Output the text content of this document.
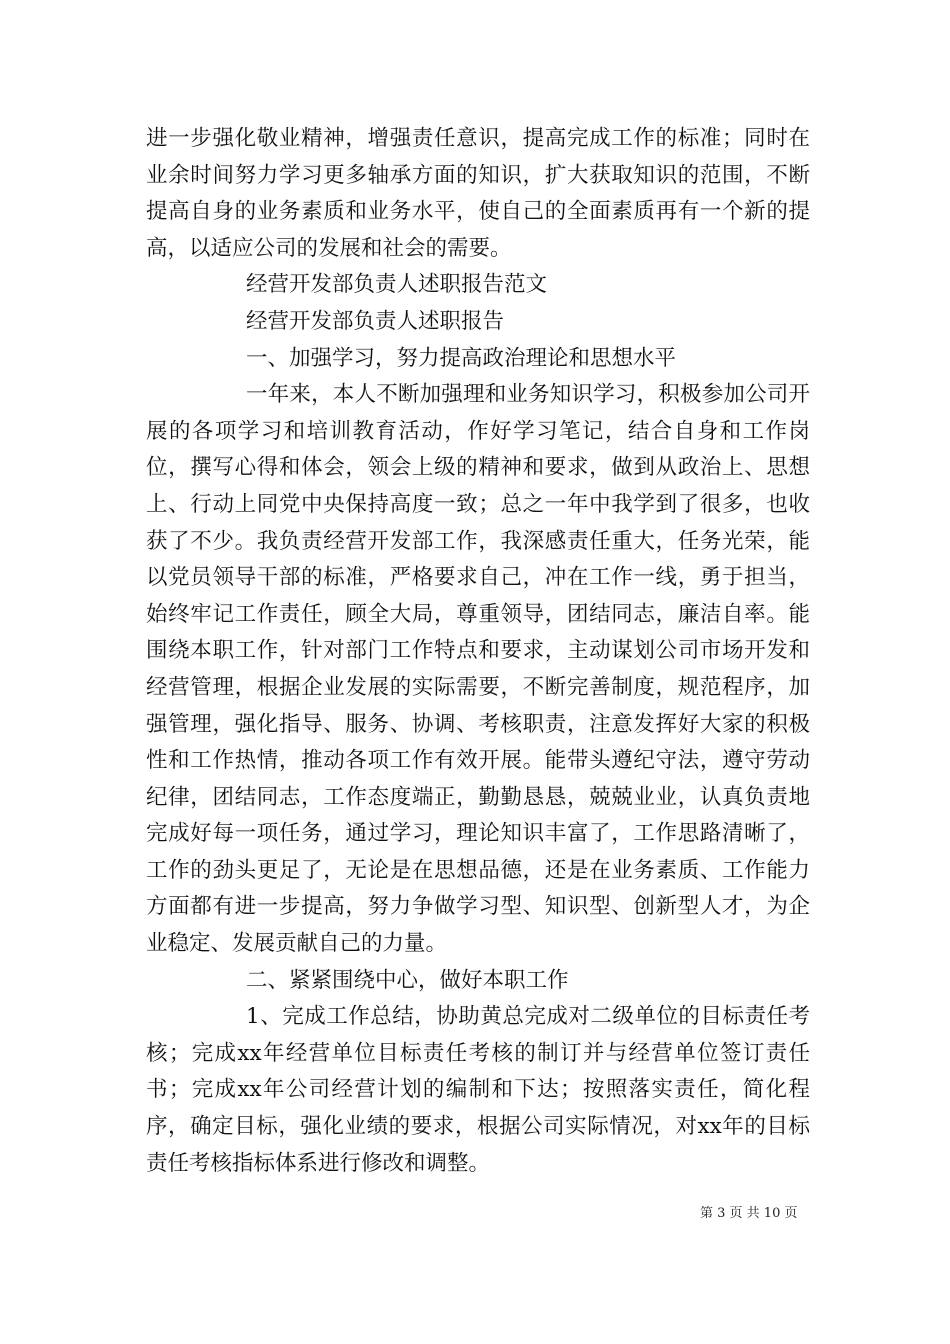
进一步强化敬业精神，增强责任意识，提高完成工作的标准；同时在业余时间努力学习更多轴承方面的知识，扩大获取知识的范围，不断提高自身的业务素质和业务水平，使自己的全面素质再有一个新的提高，以适应公司的发展和社会的需要。

经营开发部负责人述职报告范文

经营开发部负责人述职报告

一、加强学习，努力提高政治理论和思想水平

一年来，本人不断加强理和业务知识学习，积极参加公司开展的各项学习和培训教育活动，作好学习笔记，结合自身和工作岗位，撰写心得和体会，领会上级的精神和要求，做到从政治上、思想上、行动上同党中央保持高度一致；总之一年中我学到了很多，也收获了不少。我负责经营开发部工作，我深感责任重大，任务光荣，能以党员领导干部的标准，严格要求自己，冲在工作一线，勇于担当，始终牢记工作责任，顾全大局，尊重领导，团结同志，廉洁自率。能围绕本职工作，针对部门工作特点和要求，主动谋划公司市场开发和经营管理，根据企业发展的实际需要，不断完善制度，规范程序，加强管理，强化指导、服务、协调、考核职责，注意发挥好大家的积极性和工作热情，推动各项工作有效开展。能带头遵纪守法，遵守劳动纪律，团结同志，工作态度端正，勤勤恳恳，兢兢业业，认真负责地完成好每一项任务，通过学习，理论知识丰富了，工作思路清晰了，工作的劲头更足了，无论是在思想品德，还是在业务素质、工作能力方面都有进一步提高，努力争做学习型、知识型、创新型人才，为企业稳定、发展贡献自己的力量。

二、紧紧围绕中心，做好本职工作

1、完成工作总结，协助黄总完成对二级单位的目标责任考核；完成xx年经营单位目标责任考核的制订并与经营单位签订责任书；完成xx年公司经营计划的编制和下达；按照落实责任，简化程序，确定目标，强化业绩的要求，根据公司实际情况，对xx年的目标责任考核指标体系进行修改和调整。

第 3 页 共 10 页
